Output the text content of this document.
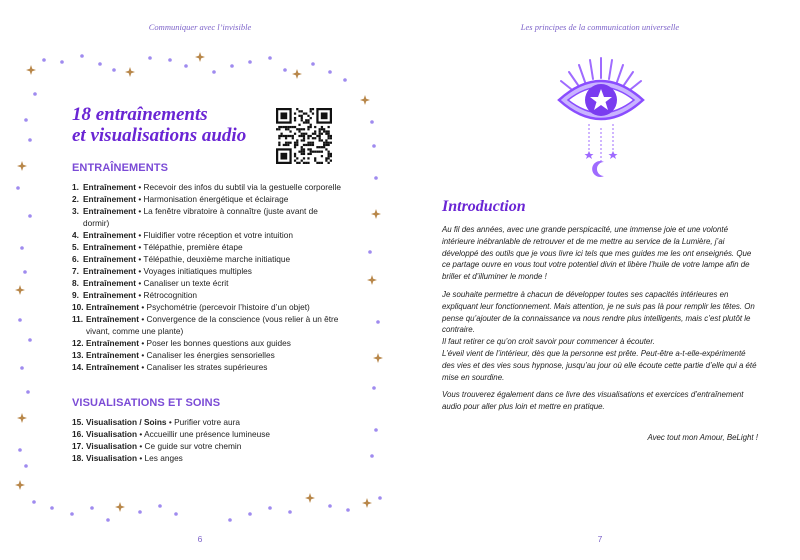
Communiquer avec l’invisible
18 entraînements
et visualisations audio
ENTRAÎNEMENTS
1. Entraînement • Recevoir des infos du subtil via la gestuelle corporelle
2. Entraînement • Harmonisation énergétique et éclairage
3. Entraînement • La fenêtre vibratoire à connaître (juste avant de dormir)
4. Entraînement • Fluidifier votre réception et votre intuition
5. Entraînement • Télépathie, première étape
6. Entraînement • Télépathie, deuxième marche initiatique
7. Entraînement • Voyages initiatiques multiples
8. Entraînement • Canaliser un texte écrit
9. Entraînement • Rétrocognition
10. Entraînement • Psychométrie (percevoir l’histoire d’un objet)
11. Entraînement • Convergence de la conscience (vous relier à un être vivant, comme une plante)
12. Entraînement • Poser les bonnes questions aux guides
13. Entraînement • Canaliser les énergies sensorielles
14. Entraînement • Canaliser les strates supérieures
VISUALISATIONS ET SOINS
15. Visualisation / Soins • Purifier votre aura
16. Visualisation • Accueillir une présence lumineuse
17. Visualisation • Ce guide sur votre chemin
18. Visualisation • Les anges
6
Les principes de la communication universelle
7
Introduction

Au fil des années, avec une grande perspicacité, une immense joie et une volonté intérieure inébranlable de retrouver et de me mettre au service de la Lumière, j’ai développé des outils que je vous livre ici tels que mes guides me les ont enseignés. Que ce partage ouvre en vous tout votre potentiel divin et libère l’huile de votre lampe afin de briller et d’illuminer le monde !

Je souhaite permettre à chacun de développer toutes ses capacités intérieures en expliquant leur fonctionnement. Mais attention, je ne suis pas là pour remplir les têtes. On pense qu’ajouter de la connaissance va nous rendre plus intelligents, mais c’est plutôt le contraire.

Il faut retirer ce qu’on croit savoir pour commencer à écouter.

L’éveil vient de l’intérieur, dès que la personne est prête. Peut-être a-t-elle-expérimenté des vies et des vies sous hypnose, jusqu’au jour où elle écoute cette partie d’elle qui a été mise en sourdine.

Vous trouverez également dans ce livre des visualisations et exercices d’entraînement audio pour aller plus loin et mettre en pratique.

Avec tout mon Amour, BeLight !
